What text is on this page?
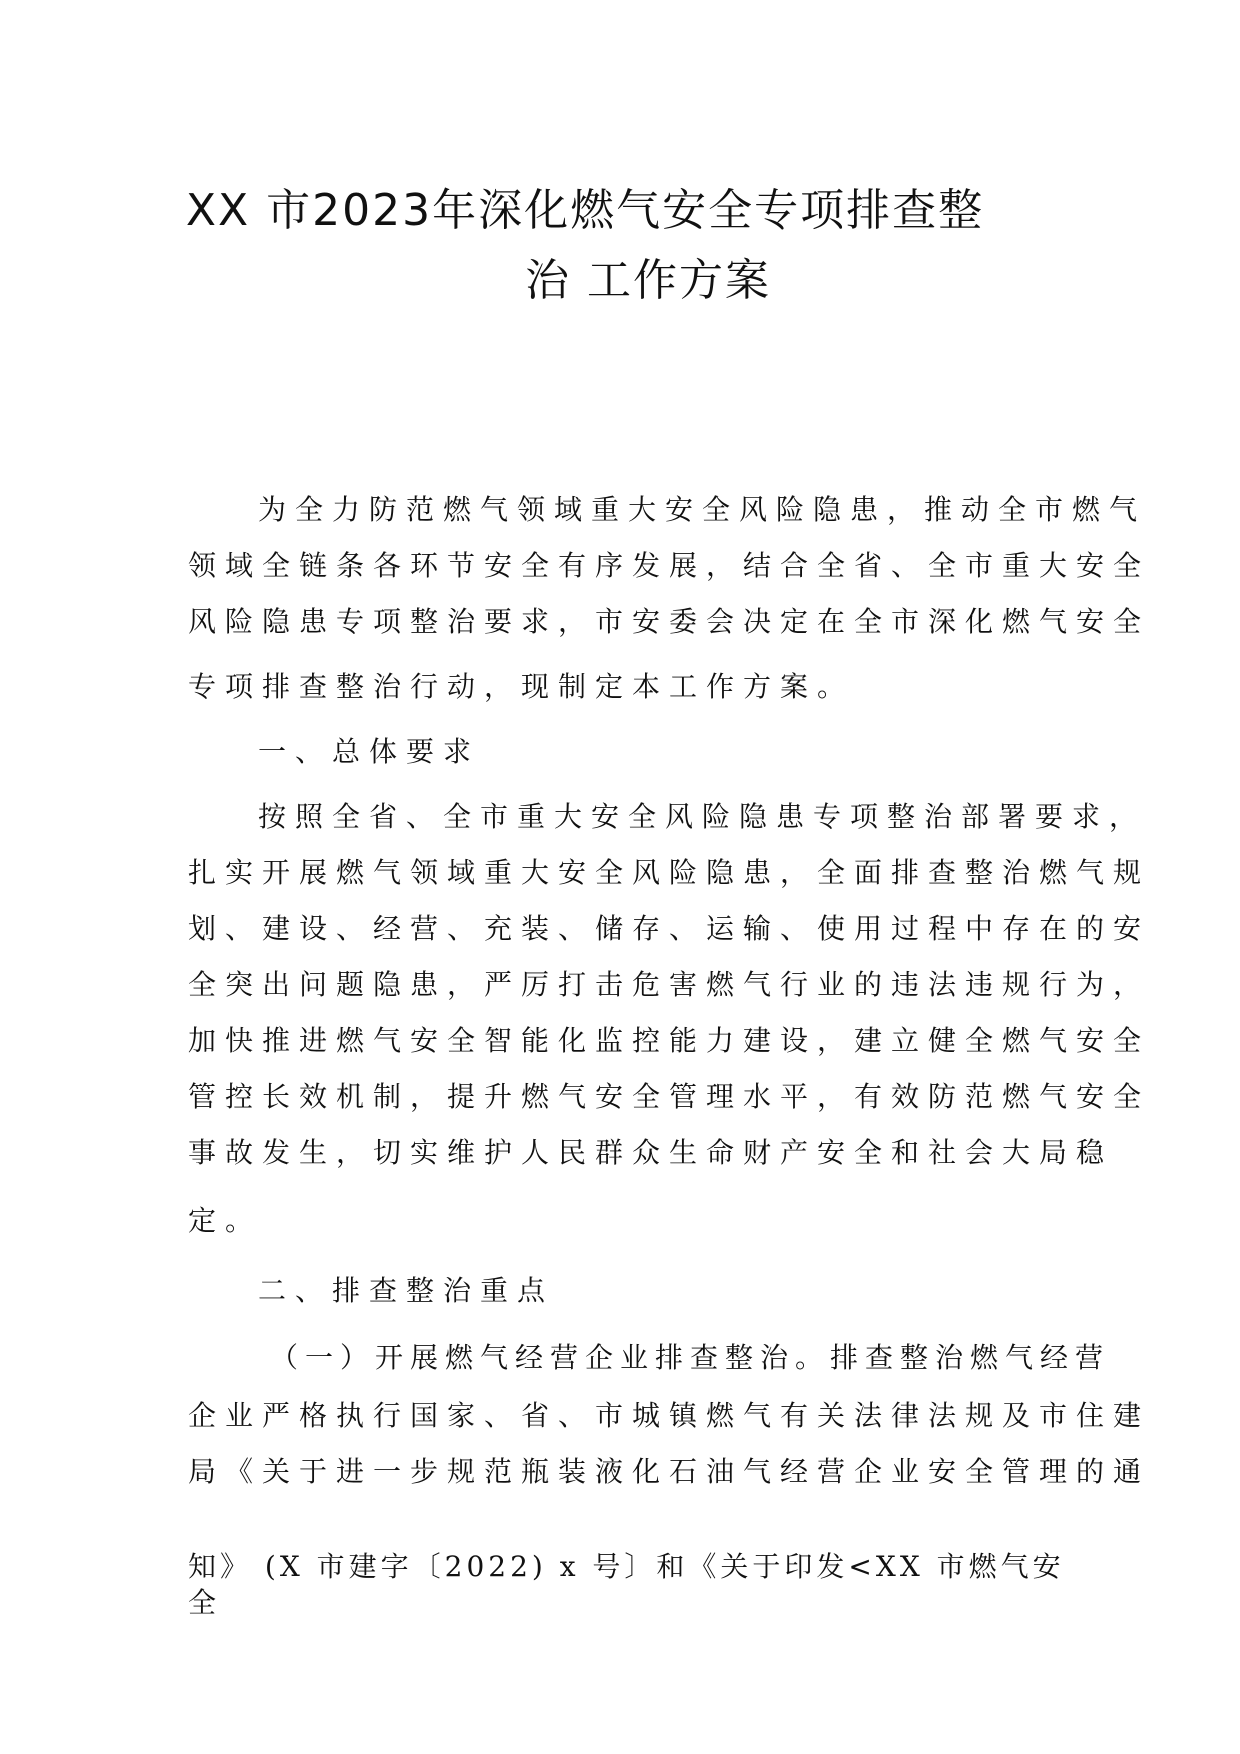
XX 市2023年深化燃气安全专项排查整
治 工作方案

为全力防范燃气领域重大安全风险隐患，推动全市燃气

领域全链条各环节安全有序发展，结合全省、全市重大安全

风险隐患专项整治要求，市安委会决定在全市深化燃气安全

专项排查整治行动，现制定本工作方案。

一、总体要求

按照全省、全市重大安全风险隐患专项整治部署要求，

扎实开展燃气领域重大安全风险隐患，全面排查整治燃气规

划、建设、经营、充装、储存、运输、使用过程中存在的安

全突出问题隐患，严厉打击危害燃气行业的违法违规行为，

加快推进燃气安全智能化监控能力建设，建立健全燃气安全

管控长效机制，提升燃气安全管理水平，有效防范燃气安全

事故发生，切实维护人民群众生命财产安全和社会大局稳

定。

二、排查整治重点

（一）开展燃气经营企业排查整治。排查整治燃气经营

企业严格执行国家、省、市城镇燃气有关法律法规及市住建

局《关于进一步规范瓶装液化石油气经营企业安全管理的通

知》 (X 市建字〔2022) x 号〕和《关于印发<XX 市燃气安

全
